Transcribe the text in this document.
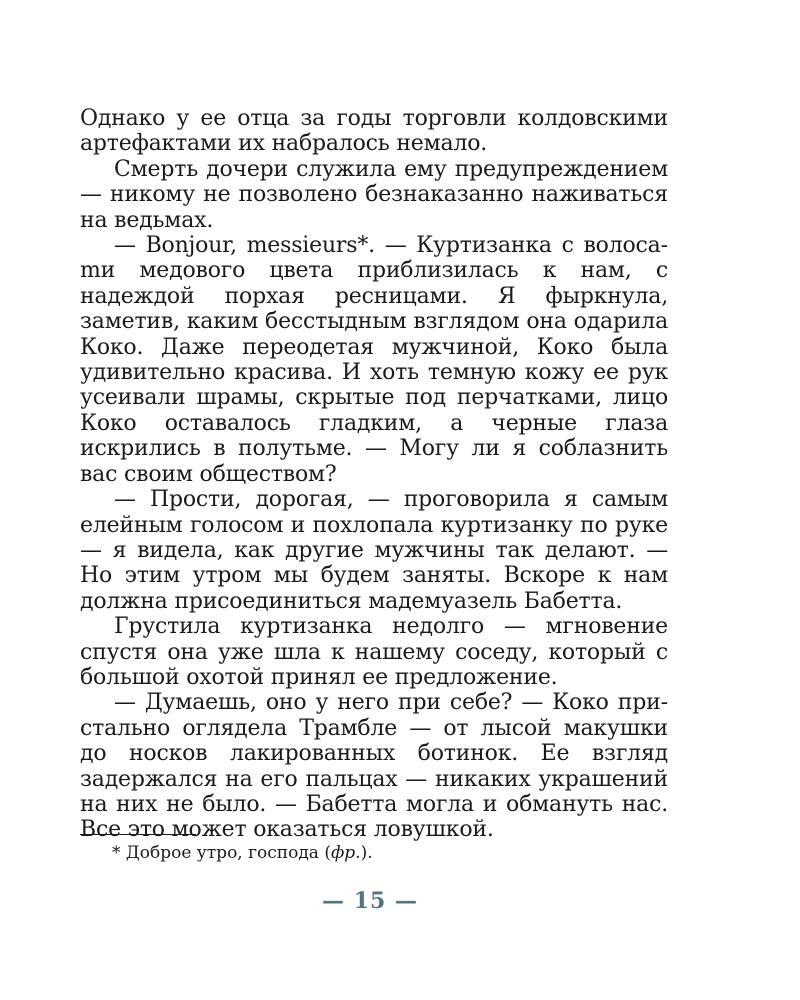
Однако у ее отца за годы торговли колдовскими артефактами их набралось немало.

Смерть дочери служила ему предупреждением — никому не позволено безнаказанно наживаться на ведьмах.

— Bonjour, messieurs*. — Куртизанка с волосаmи медового цвета приблизилась к нам, с надеждой порхая ресницами. Я фыркнула, заметив, каким бесстыдным взглядом она одарила Коко. Даже переодетая мужчиной, Коко была удивительно красива. И хоть темную кожу ее рук усеивали шрамы, скрытые под перчатками, лицо Коко оставалось гладким, а черные глаза искрились в полутьме. — Могу ли я соблазнить вас своим обществом?

— Прости, дорогая, — проговорила я самым елейным голосом и похлопала куртизанку по руке — я видела, как другие мужчины так делают. — Но этим утром мы будем заняты. Вскоре к нам должна присоединиться мадемуазель Бабетта.

Грустила куртизанка недолго — мгновение спустя она уже шла к нашему соседу, который с большой охотой принял ее предложение.

— Думаешь, оно у него при себе? — Коко пристально оглядела Трамбле — от лысой макушки до носков лакированных ботинок. Ее взгляд задержался на его пальцах — никаких украшений на них не было. — Бабетта могла и обмануть нас. Все это может оказаться ловушкой.

* Доброе утро, господа (фр.).
— 15 —
